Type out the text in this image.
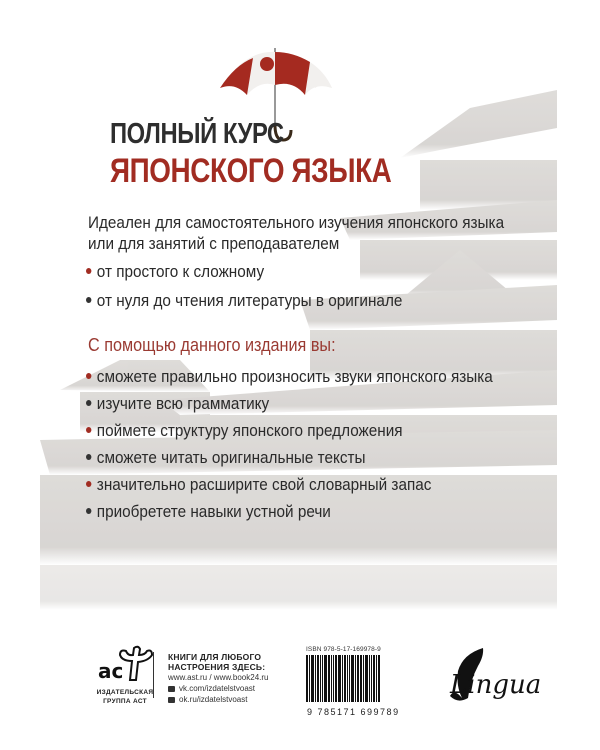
ПОЛНЫЙ КУРС
ЯПОНСКОГО ЯЗЫКА
Идеален для самостоятельного изучения японского языка
или для занятий с преподавателем
от простого к сложному
от нуля до чтения литературы в оригинале
С помощью данного издания вы:
сможете правильно произносить звуки японского языка
изучите всю грамматику
поймете структуру японского предложения
сможете читать оригинальные тексты
значительно расширите свой словарный запас
приобретете навыки устной речи
ac
ИЗДАТЕЛЬСКАЯ
ГРУППА АСТ
КНИГИ ДЛЯ ЛЮБОГО
НАСТРОЕНИЯ ЗДЕСЬ:
www.ast.ru / www.book24.ru
vk.com/izdatelstvoast
ok.ru/izdatelstvoast
ISBN 978-5-17-169978-9
9 785171 699789
Lingua
